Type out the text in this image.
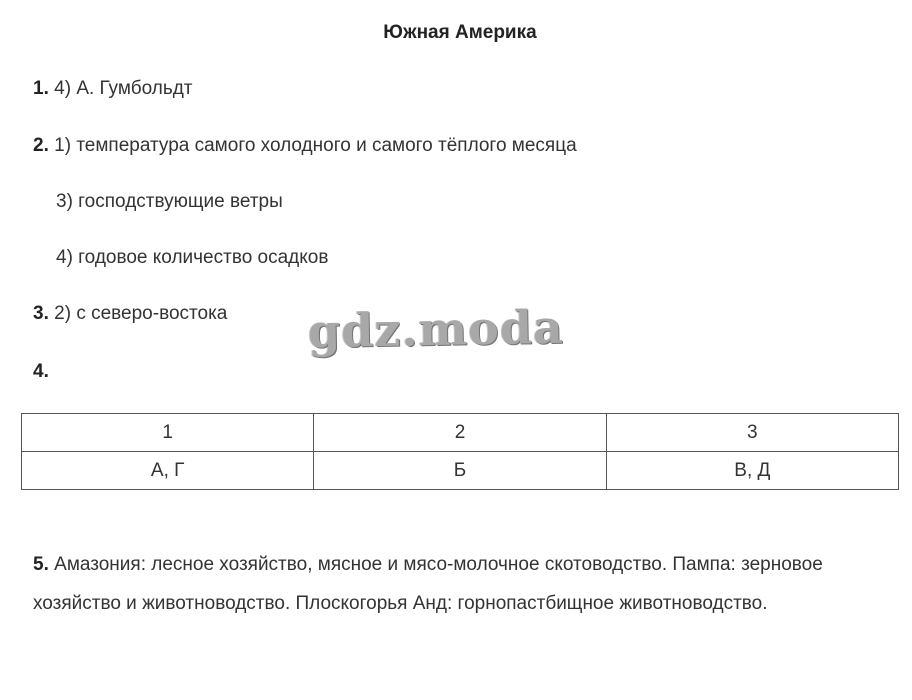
Южная Америка
1. 4) А. Гумбольдт
2. 1) температура самого холодного и самого тёплого месяца
3) господствующие ветры
4) годовое количество осадков
3. 2) с северо-востока gdz.moda
4.
1	2	3
А, Г	Б	В, Д
5. Амазония: лесное хозяйство, мясное и мясо-молочное скотоводство. Пампа: зерновое хозяйство и животноводство. Плоскогорья Анд: горнопастбищное животноводство.
